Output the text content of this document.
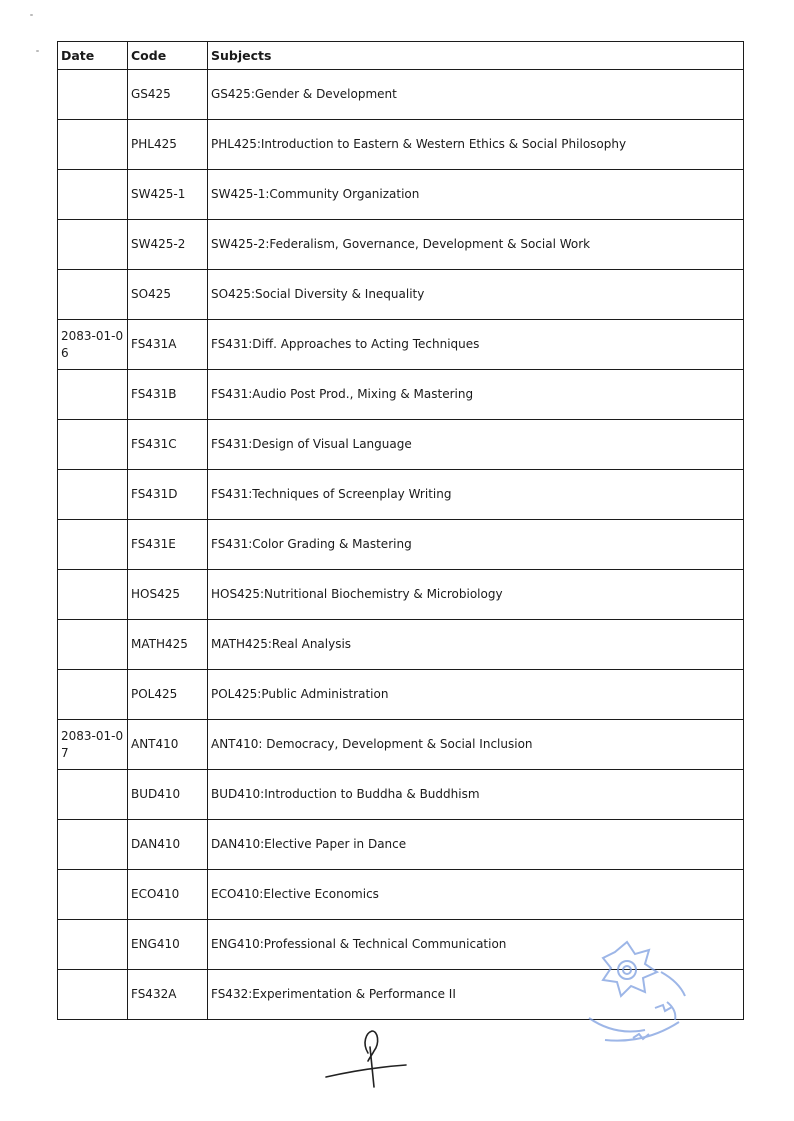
Date	Code	Subjects
	GS425	GS425:Gender & Development
	PHL425	PHL425:Introduction to Eastern & Western Ethics & Social Philosophy
	SW425-1	SW425-1:Community Organization
	SW425-2	SW425-2:Federalism, Governance, Development & Social Work
	SO425	SO425:Social Diversity & Inequality
2083-01-06	FS431A	FS431:Diff. Approaches to Acting Techniques
	FS431B	FS431:Audio Post Prod., Mixing & Mastering
	FS431C	FS431:Design of Visual Language
	FS431D	FS431:Techniques of Screenplay Writing
	FS431E	FS431:Color Grading & Mastering
	HOS425	HOS425:Nutritional Biochemistry & Microbiology
	MATH425	MATH425:Real Analysis
	POL425	POL425:Public Administration
2083-01-07	ANT410	ANT410: Democracy, Development & Social Inclusion
	BUD410	BUD410:Introduction to Buddha & Buddhism
	DAN410	DAN410:Elective Paper in Dance
	ECO410	ECO410:Elective Economics
	ENG410	ENG410:Professional & Technical Communication
	FS432A	FS432:Experimentation & Performance II
